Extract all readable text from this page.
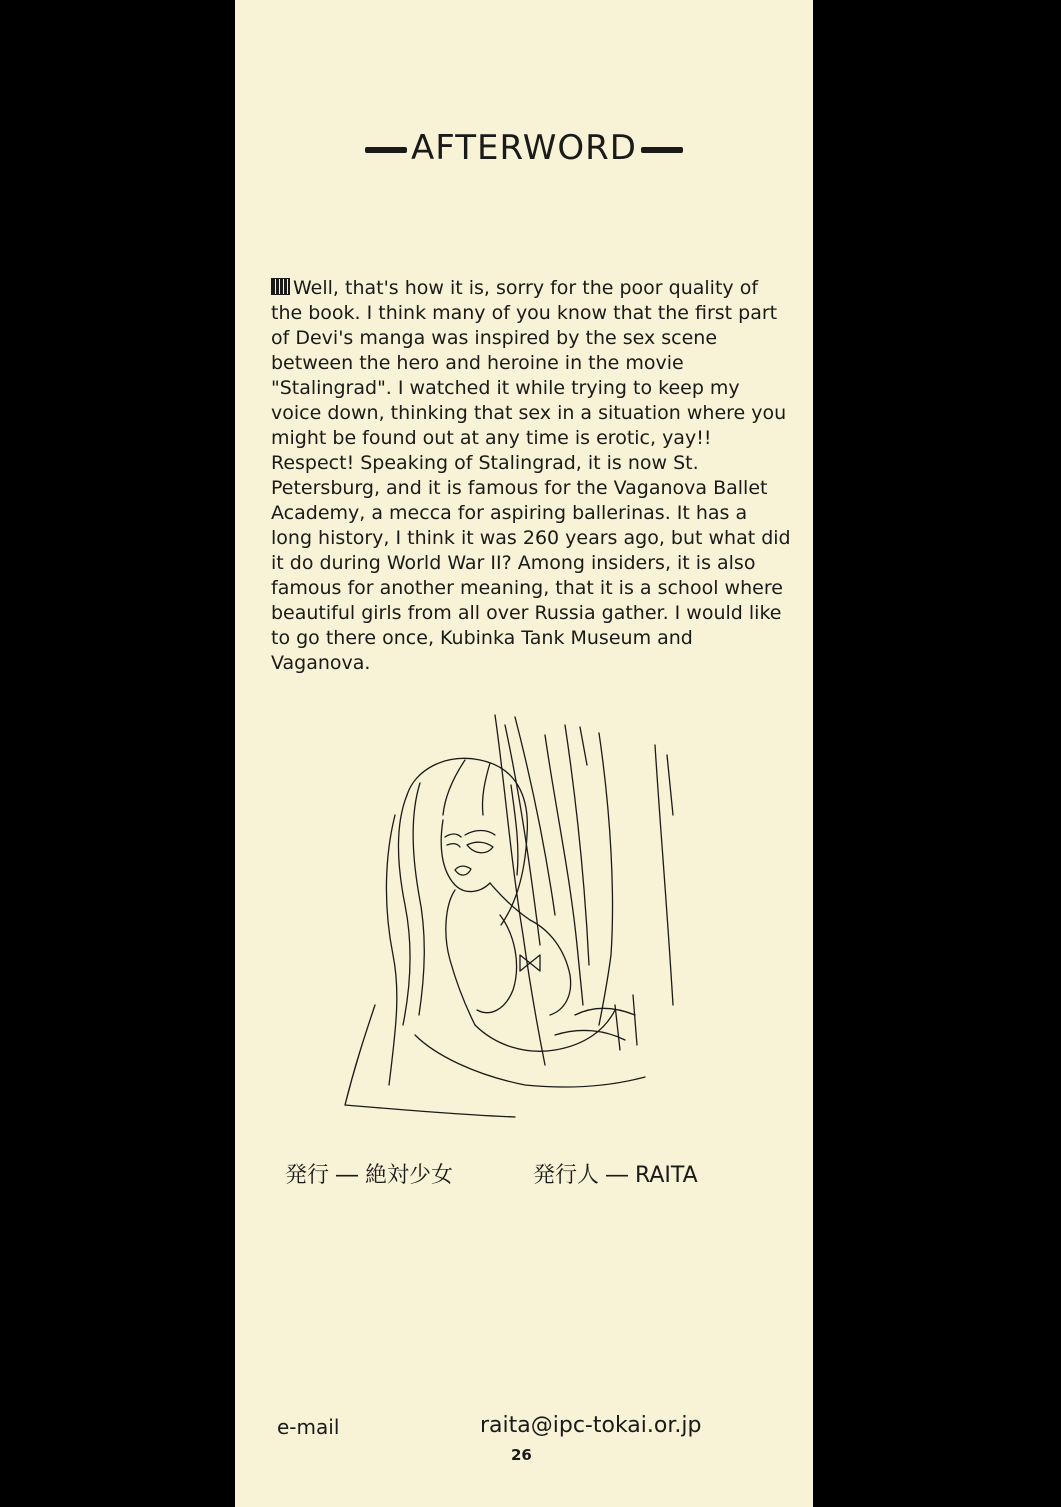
AFTERWORD

Well, that's how it is, sorry for the poor quality of the book. I think many of you know that the first part of Devi's manga was inspired by the sex scene between the hero and heroine in the movie "Stalingrad". I watched it while trying to keep my voice down, thinking that sex in a situation where you might be found out at any time is erotic, yay!! Respect! Speaking of Stalingrad, it is now St. Petersburg, and it is famous for the Vaganova Ballet Academy, a mecca for aspiring ballerinas. It has a long history, I think it was 260 years ago, but what did it do during World War II? Among insiders, it is also famous for another meaning, that it is a school where beautiful girls from all over Russia gather. I would like to go there once, Kubinka Tank Museum and Vaganova.

発行 ― 絶対少女	発行人 ― RAITA
e-mail	raita@ipc-tokai.or.jp
26
